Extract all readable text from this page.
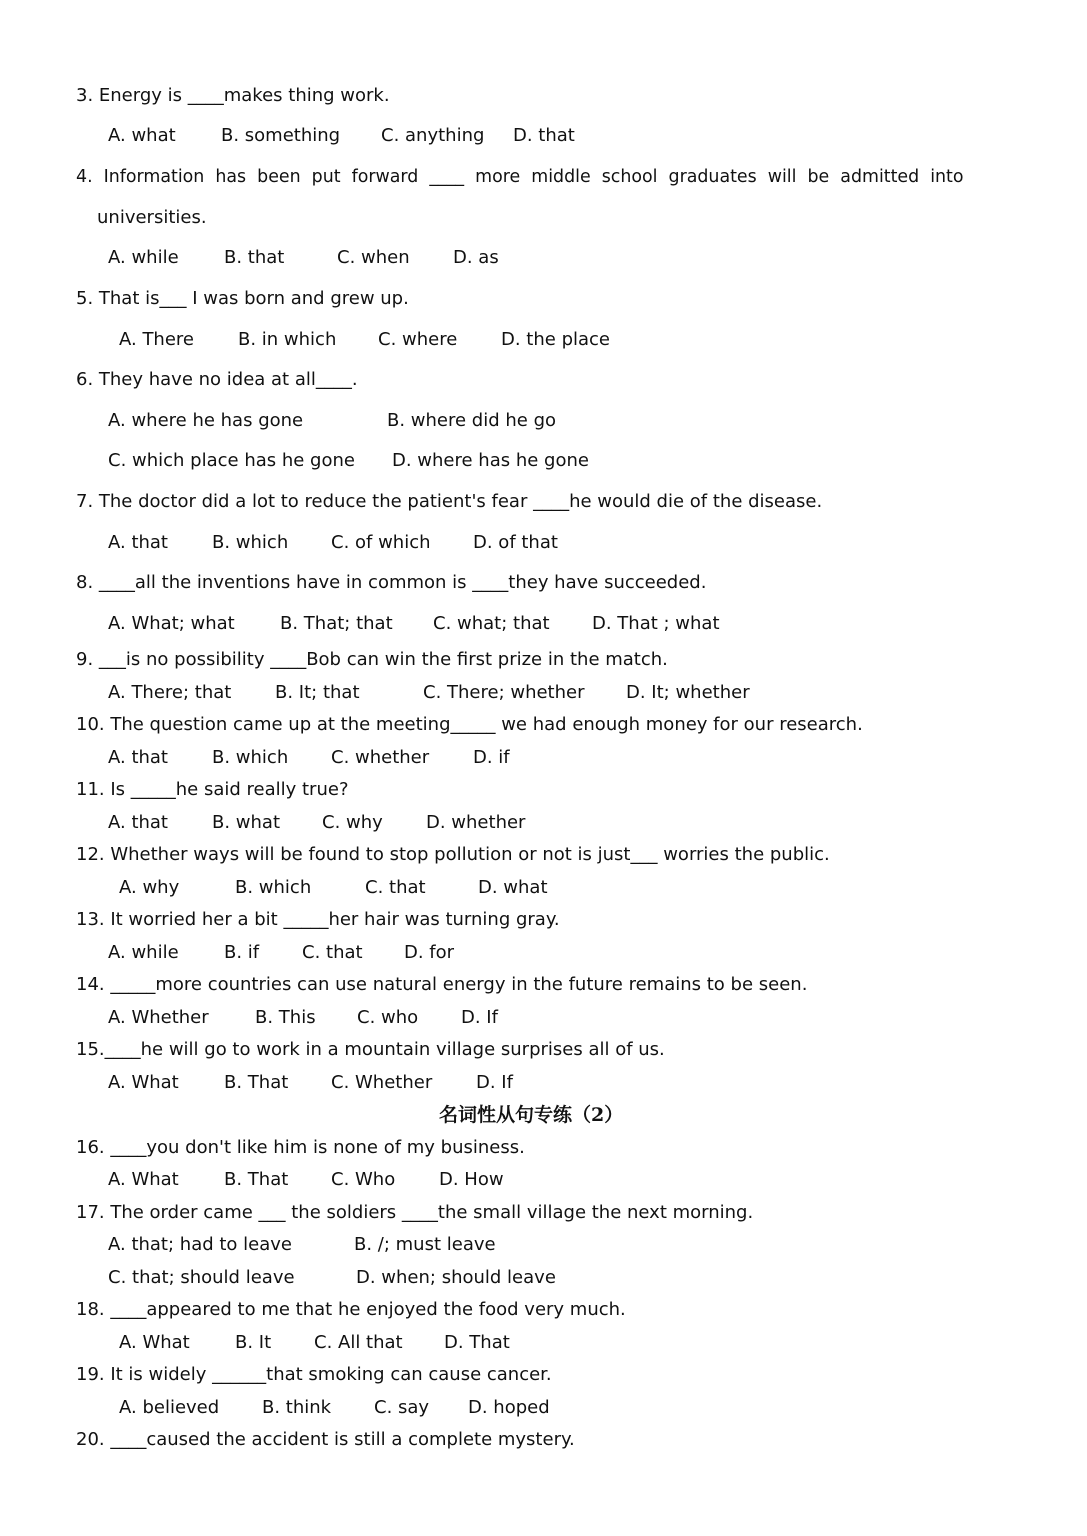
3. Energy is ____makes thing work.
A. what	B. something C. anything D. that
4.  Information  has  been  put  forward  ____  more  middle  school  graduates  will  be  admitted  into
universities.
A. while	B. that	C. when D. as
5. That is___ I was born and grew up.
A. There B. in which C. where D. the place
6. They have no idea at all____.
A. where he has gone	B. where did he go
C. which place has he gone D. where has he gone
7. The doctor did a lot to reduce the patient's fear ____he would die of the disease.
A. that B. which C. of which D. of that
8. ____all the inventions have in common is ____they have succeeded.
A. What; what	B. That; that C. what; that D. That ; what
9. ___is no possibility ____Bob can win the first prize in the match.
A. There; that B. It; that	C. There; whether D. It; whether
10. The question came up at the meeting_____ we had enough money for our research.
A. that B. which C. whether D. if
11. Is _____he said really true?
A. that B. what C. why D. whether
12. Whether ways will be found to stop pollution or not is just___ worries the public.
A. why	B. which	C. that	D. what
13. It worried her a bit _____her hair was turning gray.
A. while	B. if C. that D. for
14. _____more countries can use natural energy in the future remains to be seen.
A. Whether	B. This C. who D. If
15.____he will go to work in a mountain village surprises all of us.
A. What	B. That C. Whether D. If
名词性从句专练（2）
16. ____you don't like him is none of my business.
A. What	B. That C. Who D. How
17. The order came ___ the soldiers ____the small village the next morning.
A. that; had to leave	B. /; must leave
C. that; should leave	D. when; should leave
18. ____appeared to me that he enjoyed the food very much.
A. What	B. It C. All that D. That
19. It is widely ______that smoking can cause cancer.
A. believed B. think C. say D. hoped
20. ____caused the accident is still a complete mystery.
